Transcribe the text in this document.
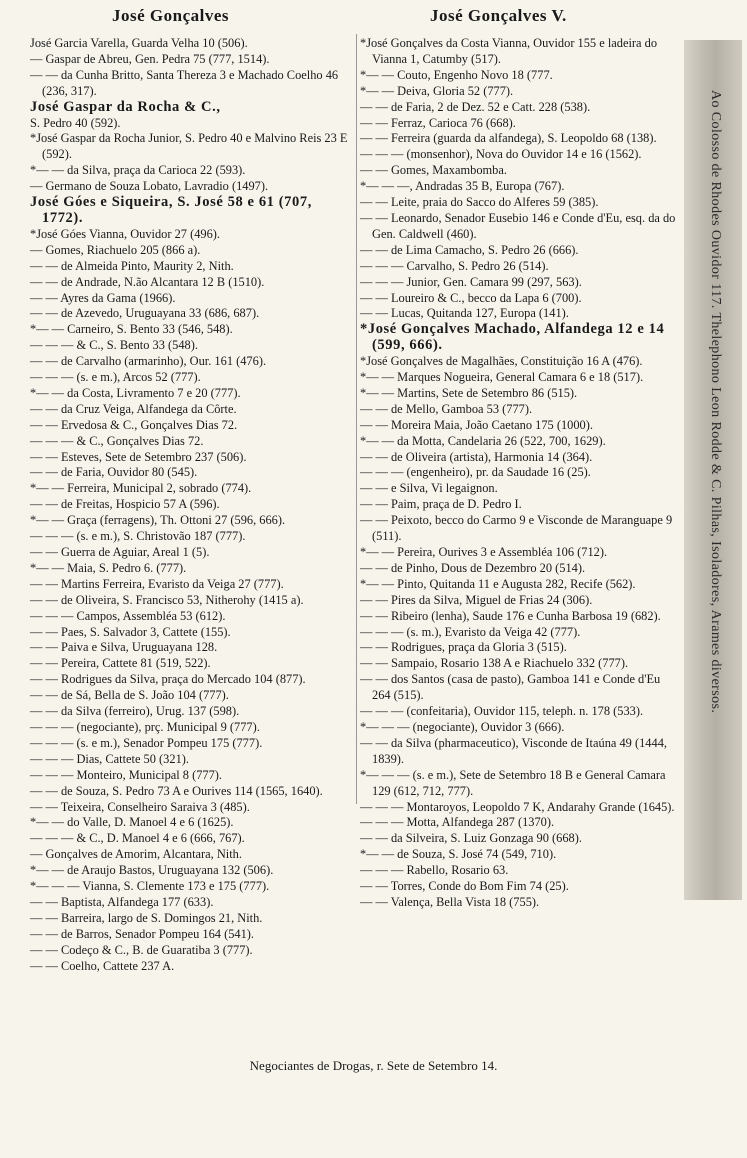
José Gonçalves	José Gonçalves V.
José Garcia Varella, Guarda Velha 10 (506).
— Gaspar de Abreu, Gen. Pedra 75 (777, 1514).
— — da Cunha Britto, Santa Thereza 3 e Machado Coelho 46 (236, 317).
José Gaspar da Rocha & C.,
S. Pedro 40 (592).
*José Gaspar da Rocha Junior, S. Pedro 40 e Malvino Reis 23 E (592).
*— — da Silva, praça da Carioca 22 (593).
— Germano de Souza Lobato, Lavradio (1497).
José Góes e Siqueira, S. José 58 e 61 (707, 1772).
*José Góes Vianna, Ouvidor 27 (496).
— Gomes, Riachuelo 205 (866 a).
— — de Almeida Pinto, Maurity 2, Nith.
— — de Andrade, N.ão Alcantara 12 B (1510).
— — Ayres da Gama (1966).
— — de Azevedo, Uruguayana 33 (686, 687).
*— — Carneiro, S. Bento 33 (546, 548).
— — — & C., S. Bento 33 (548).
— — de Carvalho (armarinho), Our. 161 (476).
— — — (s. e m.), Arcos 52 (777).
*— — da Costa, Livramento 7 e 20 (777).
— — da Cruz Veiga, Alfandega da Côrte.
— — Ervedosa & C., Gonçalves Dias 72.
— — — & C., Gonçalves Dias 72.
— — Esteves, Sete de Setembro 237 (506).
— — de Faria, Ouvidor 80 (545).
*— — Ferreira, Municipal 2, sobrado (774).
— — de Freitas, Hospicio 57 A (596).
*— — Graça (ferragens), Th. Ottoni 27 (596, 666).
— — — (s. e m.), S. Christovão 187 (777).
— — Guerra de Aguiar, Areal 1 (5).
*— — Maia, S. Pedro 6. (777).
— — Martins Ferreira, Evaristo da Veiga 27 (777).
— — de Oliveira, S. Francisco 53, Nitherohy (1415 a).
— — — Campos, Assembléa 53 (612).
— — Paes, S. Salvador 3, Cattete (155).
— — Paiva e Silva, Uruguayana 128.
— — Pereira, Cattete 81 (519, 522).
— — Rodrigues da Silva, praça do Mercado 104 (877).
— — de Sá, Bella de S. João 104 (777).
— — da Silva (ferreiro), Urug. 137 (598).
— — — (negociante), prç. Municipal 9 (777).
— — — (s. e m.), Senador Pompeu 175 (777).
— — — Dias, Cattete 50 (321).
— — — Monteiro, Municipal 8 (777).
— — de Souza, S. Pedro 73 A e Ourives 114 (1565, 1640).
— — Teixeira, Conselheiro Saraiva 3 (485).
*— — do Valle, D. Manoel 4 e 6 (1625).
— — — & C., D. Manoel 4 e 6 (666, 767).
— Gonçalves de Amorim, Alcantara, Nith.
*— — de Araujo Bastos, Uruguayana 132 (506).
*— — — Vianna, S. Clemente 173 e 175 (777).
— — Baptista, Alfandega 177 (633).
— — Barreira, largo de S. Domingos 21, Nith.
— — de Barros, Senador Pompeu 164 (541).
— — Codeço & C., B. de Guaratiba 3 (777).
— — Coelho, Cattete 237 A.
*José Gonçalves da Costa Vianna, Ouvidor 155 e ladeira do Vianna 1, Catumby (517).
*— — Couto, Engenho Novo 18 (777.
*— — Deiva, Gloria 52 (777).
— — de Faria, 2 de Dez. 52 e Catt. 228 (538).
— — Ferraz, Carioca 76 (668).
— — Ferreira (guarda da alfandega), S. Leopoldo 68 (138).
— — — (monsenhor), Nova do Ouvidor 14 e 16 (1562).
— — Gomes, Maxambomba.
*— — —, Andradas 35 B, Europa (767).
— — Leite, praia do Sacco do Alferes 59 (385).
— — Leonardo, Senador Eusebio 146 e Conde d'Eu, esq. da do Gen. Caldwell (460).
— — de Lima Camacho, S. Pedro 26 (666).
— — — Carvalho, S. Pedro 26 (514).
— — — Junior, Gen. Camara 99 (297, 563).
— — Loureiro & C., becco da Lapa 6 (700).
— — Lucas, Quitanda 127, Europa (141).
*José Gonçalves Machado, Alfandega 12 e 14 (599, 666).
*José Gonçalves de Magalhães, Constituição 16 A (476).
*— — Marques Nogueira, General Camara 6 e 18 (517).
*— — Martins, Sete de Setembro 86 (515).
— — de Mello, Gamboa 53 (777).
— — Moreira Maia, João Caetano 175 (1000).
*— — da Motta, Candelaria 26 (522, 700, 1629).
— — de Oliveira (artista), Harmonia 14 (364).
— — — (engenheiro), pr. da Saudade 16 (25).
— — e Silva, Vi legaignon.
— — Paim, praça de D. Pedro I.
— — Peixoto, becco do Carmo 9 e Visconde de Maranguape 9 (511).
*— — Pereira, Ourives 3 e Assembléa 106 (712).
— — de Pinho, Dous de Dezembro 20 (514).
*— — Pinto, Quitanda 11 e Augusta 282, Recife (562).
— — Pires da Silva, Miguel de Frias 24 (306).
— — Ribeiro (lenha), Saude 176 e Cunha Barbosa 19 (682).
— — — (s. m.), Evaristo da Veiga 42 (777).
— — Rodrigues, praça da Gloria 3 (515).
— — Sampaio, Rosario 138 A e Riachuelo 332 (777).
— — dos Santos (casa de pasto), Gamboa 141 e Conde d'Eu 264 (515).
— — — (confeitaria), Ouvidor 115, teleph. n. 178 (533).
*— — — (negociante), Ouvidor 3 (666).
— — da Silva (pharmaceutico), Visconde de Itaúna 49 (1444, 1839).
*— — — (s. e m.), Sete de Setembro 18 B e General Camara 129 (612, 712, 777).
— — — Montaroyos, Leopoldo 7 K, Andarahy Grande (1645).
— — — Motta, Alfandega 287 (1370).
— — da Silveira, S. Luiz Gonzaga 90 (668).
*— — de Souza, S. José 74 (549, 710).
— — — Rabello, Rosario 63.
— — Torres, Conde do Bom Fim 74 (25).
— — Valença, Bella Vista 18 (755).
Ao Colosso de Rhodes Ouvidor 117. Thelephono Leon Rodde & C. Pilhas, Isoladores, Arames diversos.
Negociantes de Drogas, r. Sete de Setembro 14.
